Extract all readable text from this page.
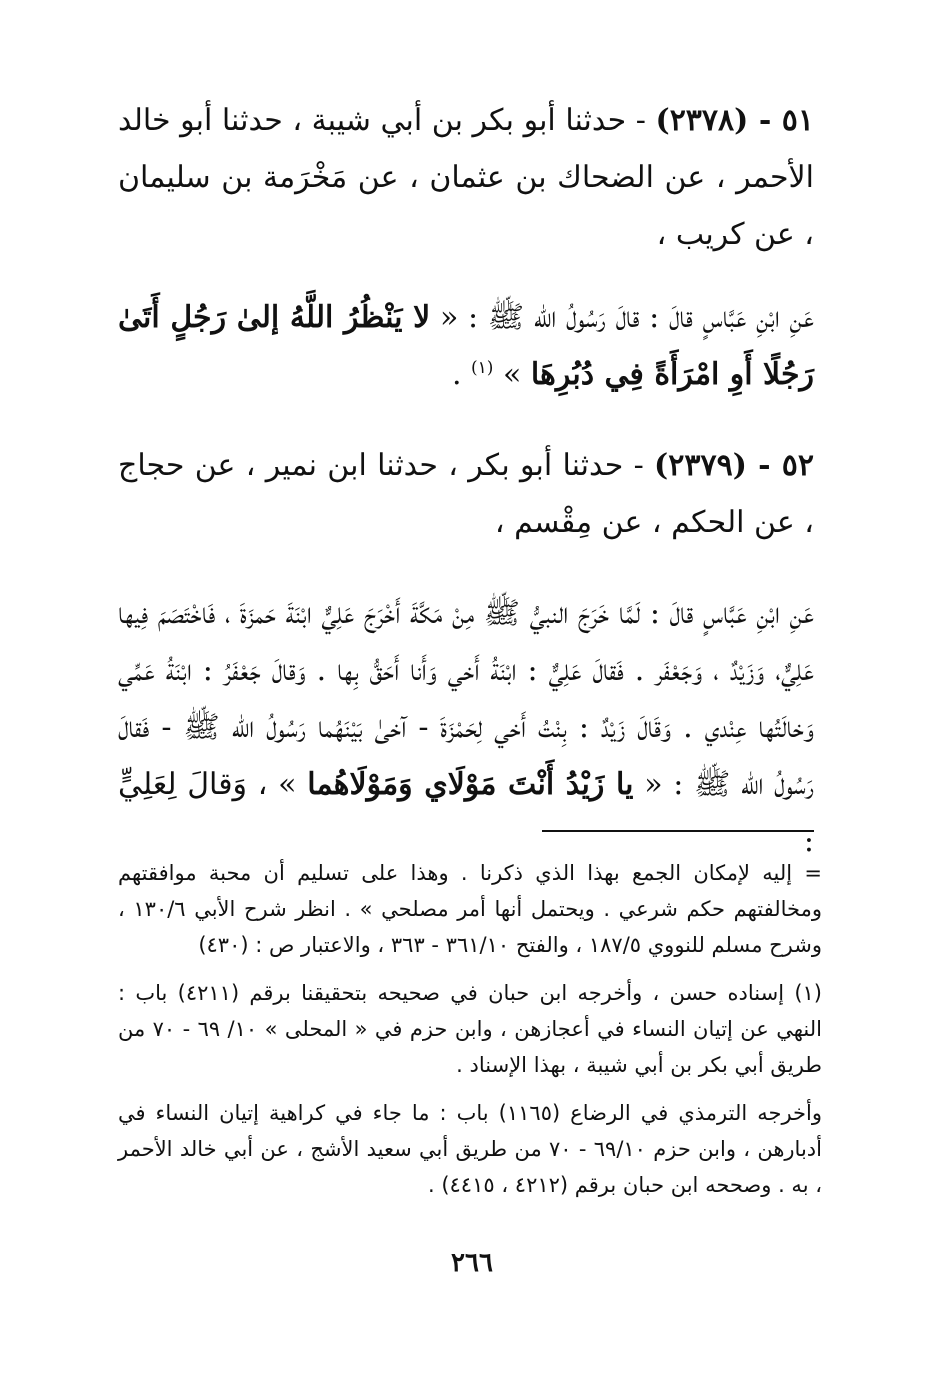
٥١ - (٢٣٧٨) - حدثنا أبو بكر بن أبي شيبة ، حدثنا أبو خالد الأحمر ، عن الضحاك بن عثمان ، عن مَخْرَمة بن سليمان ، عن كريب ،

عَنِ ابْنِ عَبَّاسٍ قالَ : قالَ رَسُولُ الله ﷺ : « لا يَنْظُرُ اللَّهُ إلىٰ رَجُلٍ أَتَىٰ رَجُلًا أَوِ امْرَأَةً فِي دُبُرِهَا » $^{(١)}$ .

٥٢ - (٢٣٧٩) - حدثنا أبو بكر ، حدثنا ابن نمير ، عن حجاج ، عن الحكم ، عن مِقْسم ،

عَنِ ابْنِ عَبَّاسٍ قالَ : لَمَّا خَرَجَ النبيُّ ﷺ مِنْ مَكَّةَ أَخْرَجَ عَلِيٌّ ابْنَةَ حَمزَةَ ، فَاخْتَصَمَ فِيها عَلِيٌّ، وَزَيْدٌ ، وَجَعْفَر . فَقالَ عَلِيٌّ : ابْنَةُ أَخي وَأَنا أَحَقُّ بِها . وَقالَ جَعْفَرُ : ابْنَةُ عَمِّي وَخالَتُها عِنْدي . وَقَالَ زَيْدٌ : بِنْتُ أَخي لِحَمْزَةَ - آخىٰ بَيْنَهُما رَسُولُ الله ﷺ - فَقالَ رَسُولُ الله ﷺ : « يا زَيْدُ أَنْتَ مَوْلَاي وَمَوْلَاهُما » ، وَقالَ لِعَلِيٍّ :

= إليه لإمكان الجمع بهذا الذي ذكرنا . وهذا على تسليم أن محبة موافقتهم ومخالفتهم حكم شرعي . ويحتمل أنها أمر مصلحي » . انظر شرح الأبي ١٣٠/٦ ، وشرح مسلم للنووي ١٨٧/٥ ، والفتح ٣٦١/١٠ - ٣٦٣ ، والاعتبار ص : (٤٣٠)

(١) إسناده حسن ، وأخرجه ابن حبان في صحيحه بتحقيقنا برقم (٤٢١١) باب : النهي عن إتيان النساء في أعجازهن ، وابن حزم في « المحلى » ١٠/ ٦٩ - ٧٠ من طريق أبي بكر بن أبي شيبة ، بهذا الإسناد .

وأخرجه الترمذي في الرضاع (١١٦٥) باب : ما جاء في كراهية إتيان النساء في أدبارهن ، وابن حزم ٦٩/١٠ - ٧٠ من طريق أبي سعيد الأشج ، عن أبي خالد الأحمر ، به . وصححه ابن حبان برقم (٤٢١٢ ، ٤٤١٥) .

٢٦٦
